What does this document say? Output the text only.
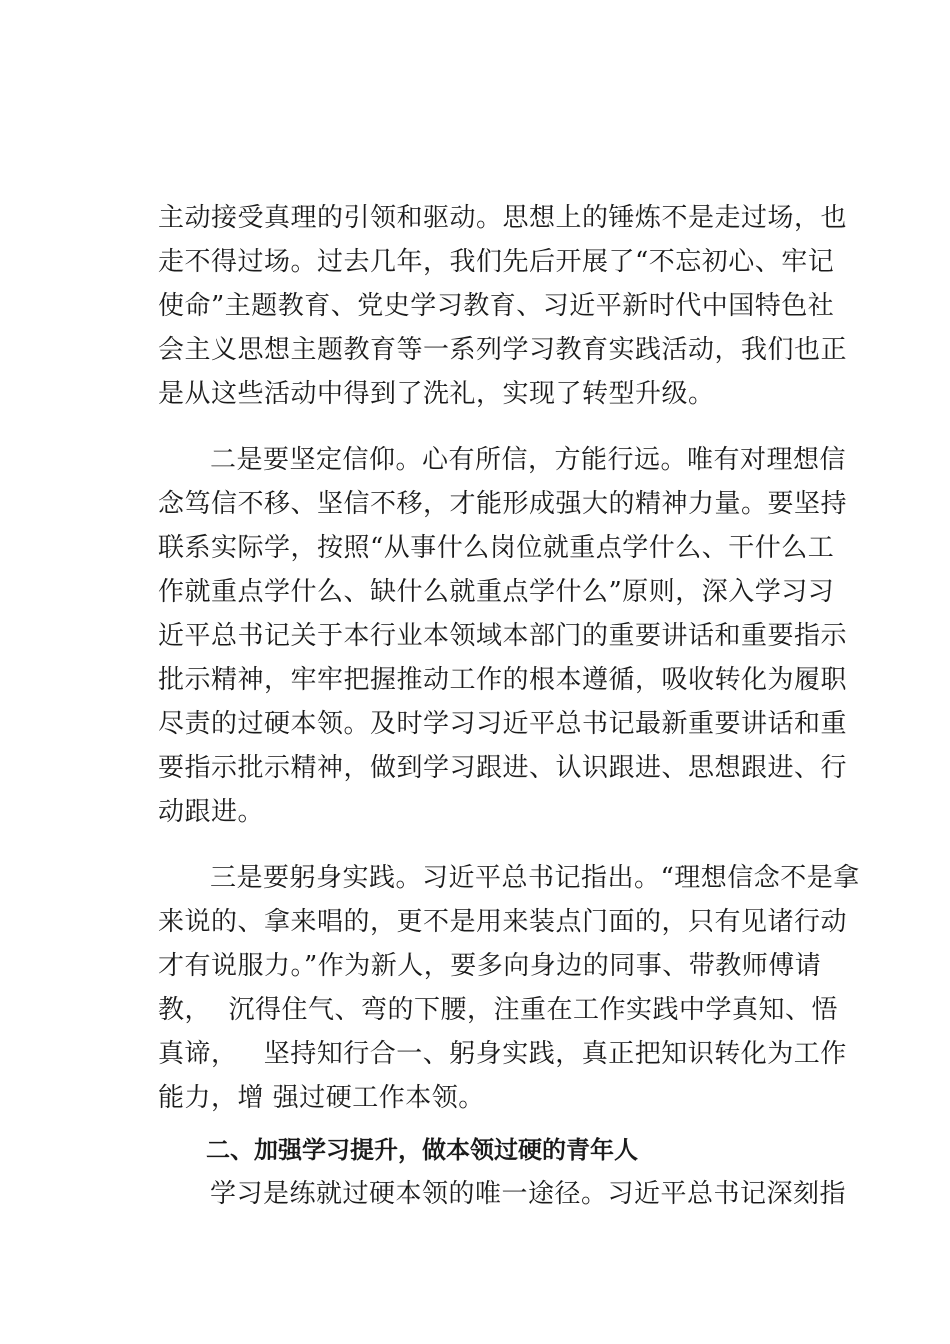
主动接受真理的引领和驱动。思想上的锤炼不是走过场，也
走不得过场。过去几年，我们先后开展了“不忘初心、牢记
使命”主题教育、党史学习教育、习近平新时代中国特色社
会主义思想主题教育等一系列学习教育实践活动，我们也正
是从这些活动中得到了洗礼，实现了转型升级。
二是要坚定信仰。心有所信，方能行远。唯有对理想信
念笃信不移、坚信不移，才能形成强大的精神力量。要坚持
联系实际学，按照“从事什么岗位就重点学什么、干什么工
作就重点学什么、缺什么就重点学什么”原则，深入学习习
近平总书记关于本行业本领域本部门的重要讲话和重要指示
批示精神，牢牢把握推动工作的根本遵循，吸收转化为履职
尽责的过硬本领。及时学习习近平总书记最新重要讲话和重
要指示批示精神，做到学习跟进、认识跟进、思想跟进、行
动跟进。
三是要躬身实践。习近平总书记指出。“理想信念不是拿
来说的、拿来唱的，更不是用来装点门面的，只有见诸行动
才有说服力。”作为新人，要多向身边的同事、带教师傅请
教，  沉得住气、弯的下腰，注重在工作实践中学真知、悟
真谛，   坚持知行合一、躬身实践，真正把知识转化为工作
能力，增 强过硬工作本领。
二、加强学习提升，做本领过硬的青年人
学习是练就过硬本领的唯一途径。习近平总书记深刻指
